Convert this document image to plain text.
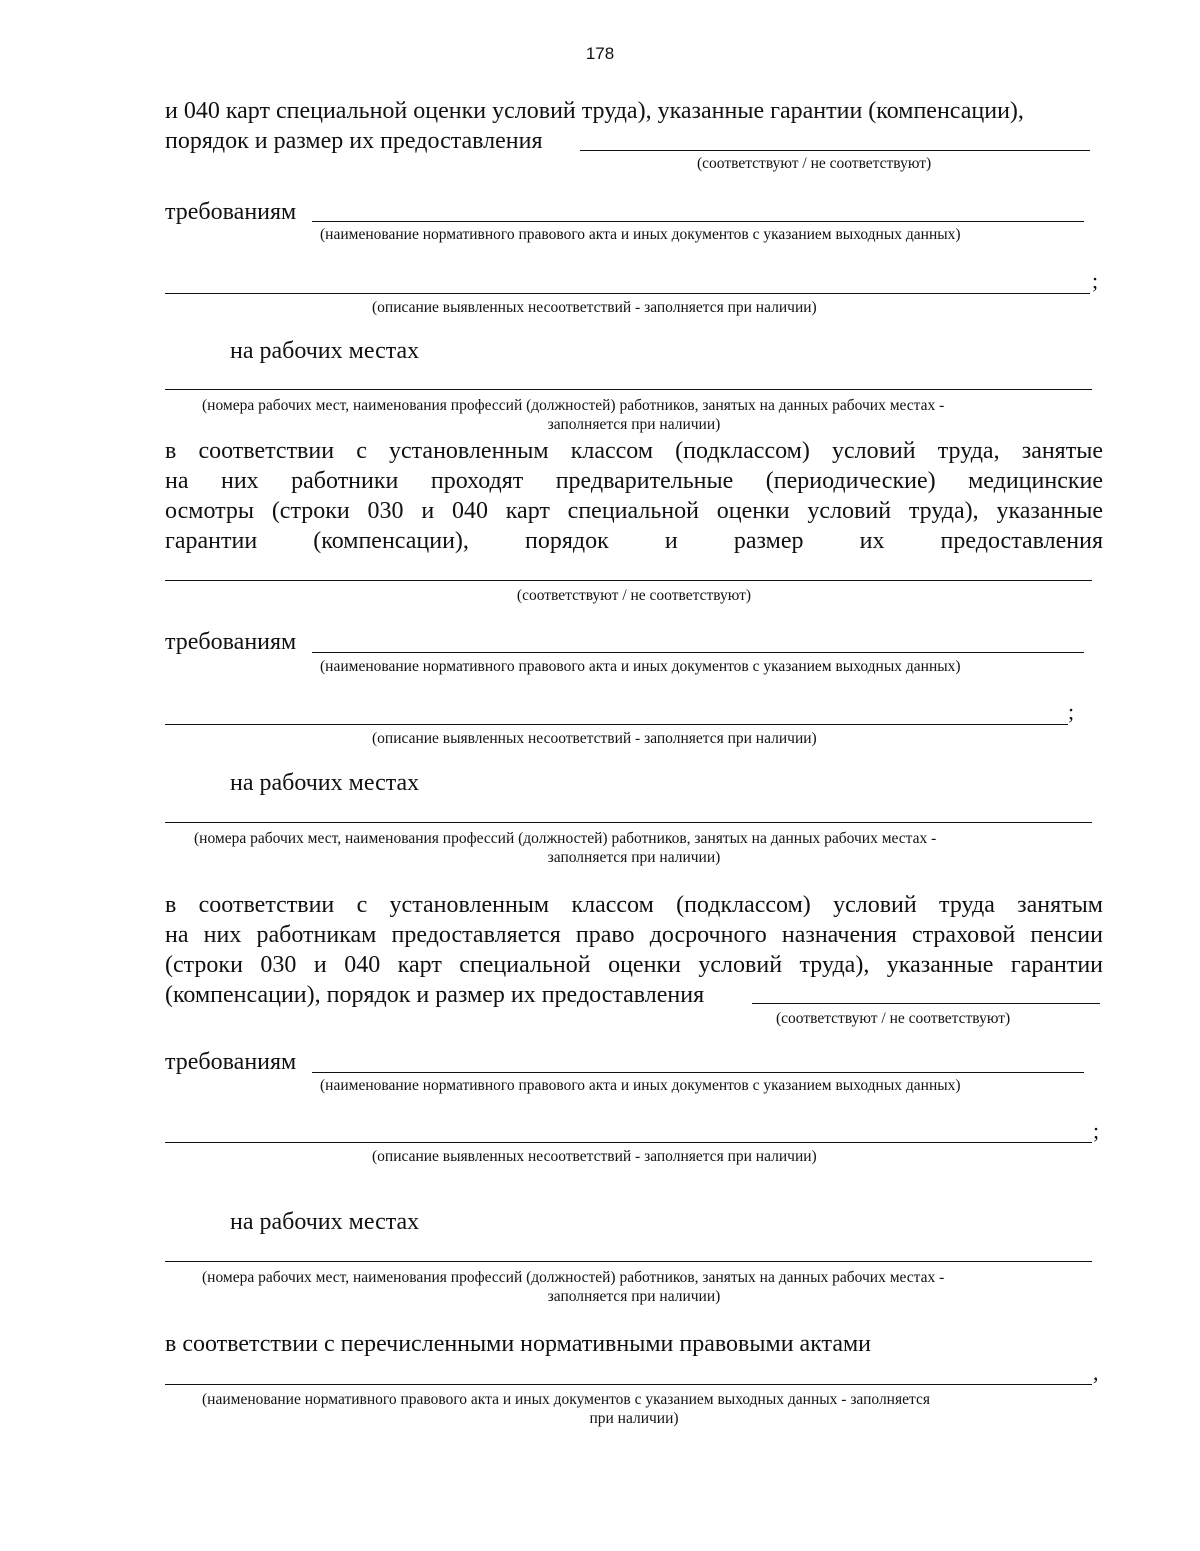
178
и 040 карт специальной оценки условий труда), указанные гарантии (компенсации),
порядок и размер их предоставления
(соответствуют / не соответствуют)
требованиям
(наименование нормативного правового акта и иных документов с указанием выходных данных)
;
(описание выявленных несоответствий - заполняется при наличии)
на рабочих местах
(номера рабочих мест, наименования профессий (должностей) работников, занятых на данных рабочих местах -
заполняется при наличии)
в соответствии с установленным классом (подклассом) условий труда, занятые
на них работники проходят предварительные (периодические) медицинские
осмотры (строки 030 и 040 карт специальной оценки условий труда), указанные
гарантии (компенсации), порядок и размер их предоставления
(соответствуют / не соответствуют)
требованиям
(наименование нормативного правового акта и иных документов с указанием выходных данных)
;
(описание выявленных несоответствий - заполняется при наличии)
на рабочих местах
(номера рабочих мест, наименования профессий (должностей) работников, занятых на данных рабочих местах -
заполняется при наличии)
в соответствии с установленным классом (подклассом) условий труда занятым
на них работникам предоставляется право досрочного назначения страховой пенсии
(строки 030 и 040 карт специальной оценки условий труда), указанные гарантии
(компенсации), порядок и размер их предоставления
(соответствуют / не соответствуют)
требованиям
(наименование нормативного правового акта и иных документов с указанием выходных данных)
;
(описание выявленных несоответствий - заполняется при наличии)
на рабочих местах
(номера рабочих мест, наименования профессий (должностей) работников, занятых на данных рабочих местах -
заполняется при наличии)
в соответствии с перечисленными нормативными правовыми актами
,
(наименование нормативного правового акта и иных документов с указанием выходных данных - заполняется
при наличии)
